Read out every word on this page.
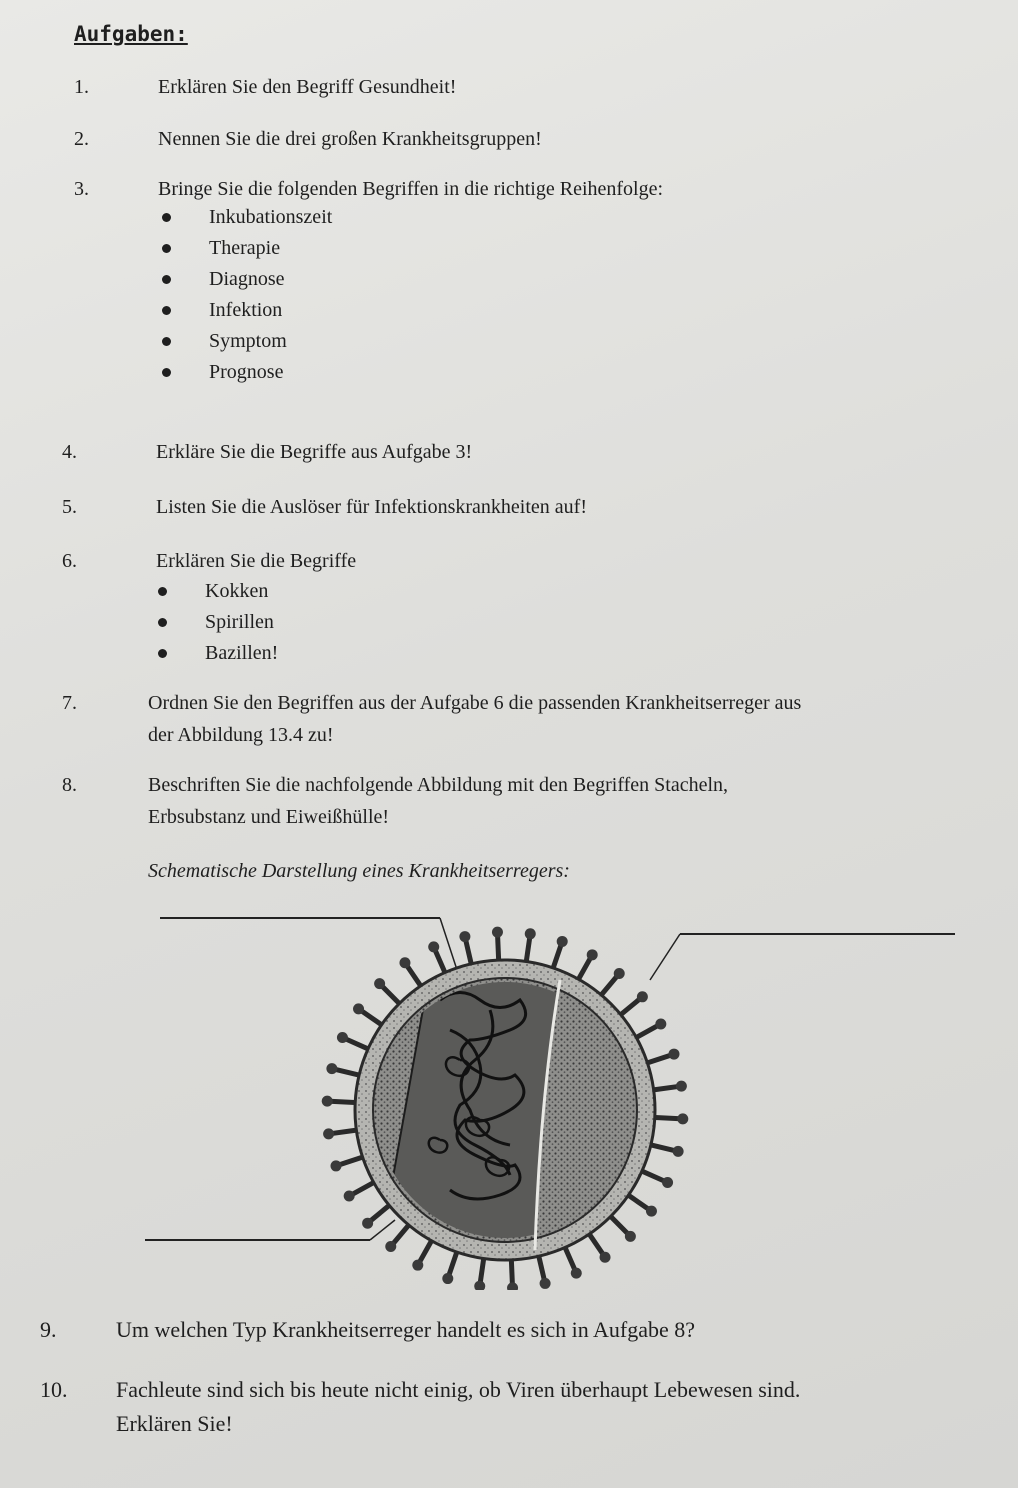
Aufgaben:
1.	Erklären Sie den Begriff Gesundheit!
2.	Nennen Sie die drei großen Krankheitsgruppen!
3.	Bringe Sie die folgenden Begriffen in die richtige Reihenfolge:
Inkubationszeit
Therapie
Diagnose
Infektion
Symptom
Prognose
4.	Erkläre Sie die Begriffe aus Aufgabe 3!
5.	Listen Sie die Auslöser für Infektionskrankheiten auf!
6.	Erklären Sie die Begriffe
Kokken
Spirillen
Bazillen!
7.	Ordnen Sie den Begriffen aus der Aufgabe 6 die passenden Krankheitserreger aus
der Abbildung 13.4 zu!
8.	Beschriften Sie die nachfolgende Abbildung mit den Begriffen Stacheln,
Erbsubstanz und Eiweißhülle!
Schematische Darstellung eines Krankheitserregers:
9.	Um welchen Typ Krankheitserreger handelt es sich in Aufgabe 8?
10. Fachleute sind sich bis heute nicht einig, ob Viren überhaupt Lebewesen sind.
Erklären Sie!
